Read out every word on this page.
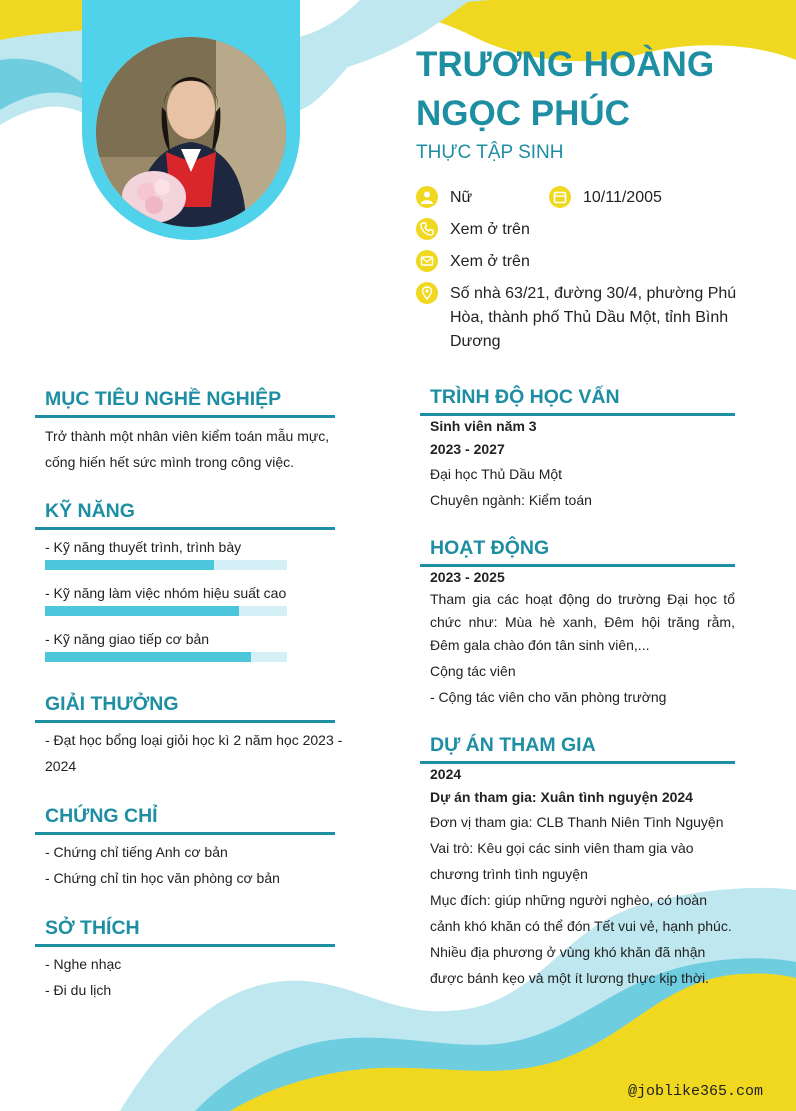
TRƯƠNG HOÀNG NGỌC PHÚC
THỰC TẬP SINH
Nữ	10/11/2005
Xem ở trên
Xem ở trên
Số nhà 63/21, đường 30/4, phường Phú Hòa, thành phố Thủ Dầu Một, tỉnh Bình Dương
MỤC TIÊU NGHỀ NGHIỆP
Trở thành một nhân viên kiểm toán mẫu mực, cống hiến hết sức mình trong công việc.
KỸ NĂNG
- Kỹ năng thuyết trình, trình bày
- Kỹ năng làm việc nhóm hiệu suất cao
- Kỹ năng giao tiếp cơ bản
GIẢI THƯỞNG
- Đạt học bổng loại giỏi học kì 2 năm học 2023 - 2024
CHỨNG CHỈ
- Chứng chỉ tiếng Anh cơ bản
- Chứng chỉ tin học văn phòng cơ bản
SỞ THÍCH
- Nghe nhạc
- Đi du lịch
TRÌNH ĐỘ HỌC VẤN
Sinh viên năm 3
2023 - 2027
Đại học Thủ Dầu Một
Chuyên ngành: Kiểm toán
HOẠT ĐỘNG
2023 - 2025
Tham gia các hoạt động do trường Đại học tổ chức như: Mùa hè xanh, Đêm hội trăng rằm, Đêm gala chào đón tân sinh viên,...
Cộng tác viên
- Cộng tác viên cho văn phòng trường
DỰ ÁN THAM GIA
2024
Dự án tham gia: Xuân tình nguyện 2024
Đơn vị tham gia: CLB Thanh Niên Tình Nguyện
Vai trò: Kêu gọi các sinh viên tham gia vào chương trình tình nguyện
Mục đích: giúp những người nghèo, có hoàn cảnh khó khăn có thể đón Tết vui vẻ, hạnh phúc. Nhiều địa phương ở vùng khó khăn đã nhận được bánh kẹo và một ít lương thực kịp thời.
@joblike365.com
